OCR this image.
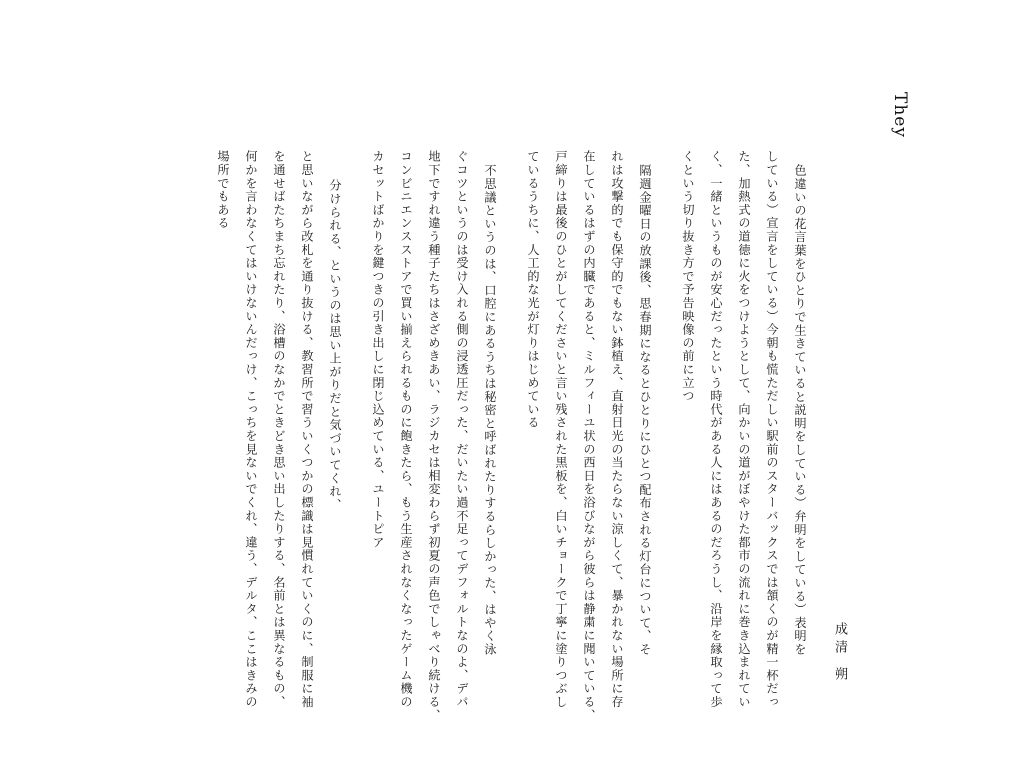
They
成清 朔

色違いの花言葉をひとりで生きていると説明をしている）弁明をしている）表明を
している）宣言をしている）今朝も慌ただしい駅前のスターバックスでは頷くのが精一杯だっ
た、加熱式の道徳に火をつけようとして、向かいの道がぼやけた都市の流れに巻き込まれてい
く、一緒というものが安心だったという時代がある人にはあるのだろうし、沿岸を縁取って歩
くという切り抜き方で予告映像の前に立つ

隔週金曜日の放課後、思春期になるとひとりにひとつ配布される灯台について、そ
れは攻撃的でも保守的でもない鉢植え、直射日光の当たらない涼しくて、暴かれない場所に存
在しているはずの内臓であると、ミルフィーユ状の西日を浴びながら彼らは静粛に聞いている、
戸締りは最後のひとがしてくださいと言い残された黒板を、白いチョークで丁寧に塗りつぶし
ているうちに、人工的な光が灯りはじめている

不思議というのは、口腔にあるうちは秘密と呼ばれたりするらしかった、はやく泳
ぐコツというのは受け入れる側の浸透圧だった、だいたい過不足ってデフォルトなのよ、デパ
地下ですれ違う種子たちはさざめきあい、ラジカセは相変わらず初夏の声色でしゃべり続ける、
コンビニエンスストアで買い揃えられるものに飽きたら、もう生産されなくなったゲーム機の
カセットばかりを鍵つきの引き出しに閉じ込めている、ユートピア

分けられる、というのは思い上がりだと気づいてくれ、
と思いながら改札を通り抜ける、教習所で習ういくつかの標識は見慣れていくのに、制服に袖
を通せばたちまち忘れたり、浴槽のなかでときどき思い出したりする、名前とは異なるもの、
何かを言わなくてはいけないんだっけ、こっちを見ないでくれ、違う、デルタ、ここはきみの
場所でもある
